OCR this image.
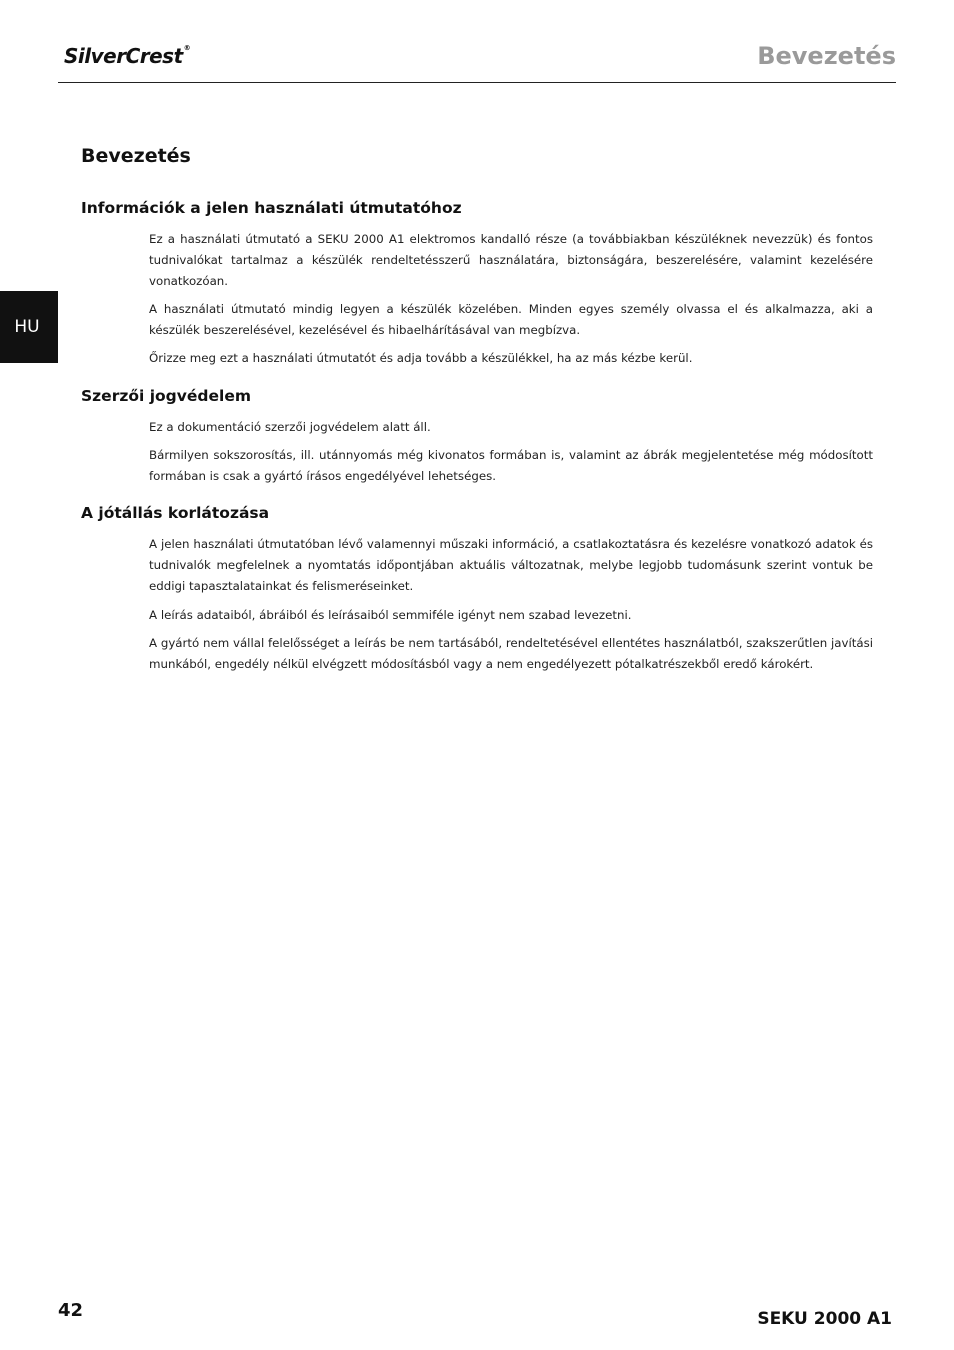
SilverCrest®	Bevezetés
HU
Bevezetés
Információk a jelen használati útmutatóhoz

Ez a használati útmutató a SEKU 2000 A1 elektromos kandalló része (a továbbiakban készüléknek nevezzük) és fontos tudnivalókat tartalmaz a készülék rendeltetésszerű használatára, biztonságára, beszerelésére, valamint kezelésére vonatkozóan.

A használati útmutató mindig legyen a készülék közelében. Minden egyes személy olvassa el és alkalmazza, aki a készülék beszerelésével, kezelésével és hibaelhárításával van megbízva.

Őrizze meg ezt a használati útmutatót és adja tovább a készülékkel, ha az más kézbe kerül.

Szerzői jogvédelem

Ez a dokumentáció szerzői jogvédelem alatt áll.

Bármilyen sokszorosítás, ill. utánnyomás még kivonatos formában is, valamint az ábrák megjelentetése még módosított formában is csak a gyártó írásos engedélyével lehetséges.

A jótállás korlátozása

A jelen használati útmutatóban lévő valamennyi műszaki információ, a csatlakoztatásra és kezelésre vonatkozó adatok és tudnivalók megfelelnek a nyomtatás időpontjában aktuális változatnak, melybe legjobb tudomásunk szerint vontuk be eddigi tapasztalatainkat és felismeréseinket.

A leírás adataiból, ábráiból és leírásaiból semmiféle igényt nem szabad levezetni.

A gyártó nem vállal felelősséget a leírás be nem tartásából, rendeltetésével ellentétes használatból, szakszerűtlen javítási munkából, engedély nélkül elvégzett módosításból vagy a nem engedélyezett pótalkatrészekből eredő károkért.

42	SEKU 2000 A1
